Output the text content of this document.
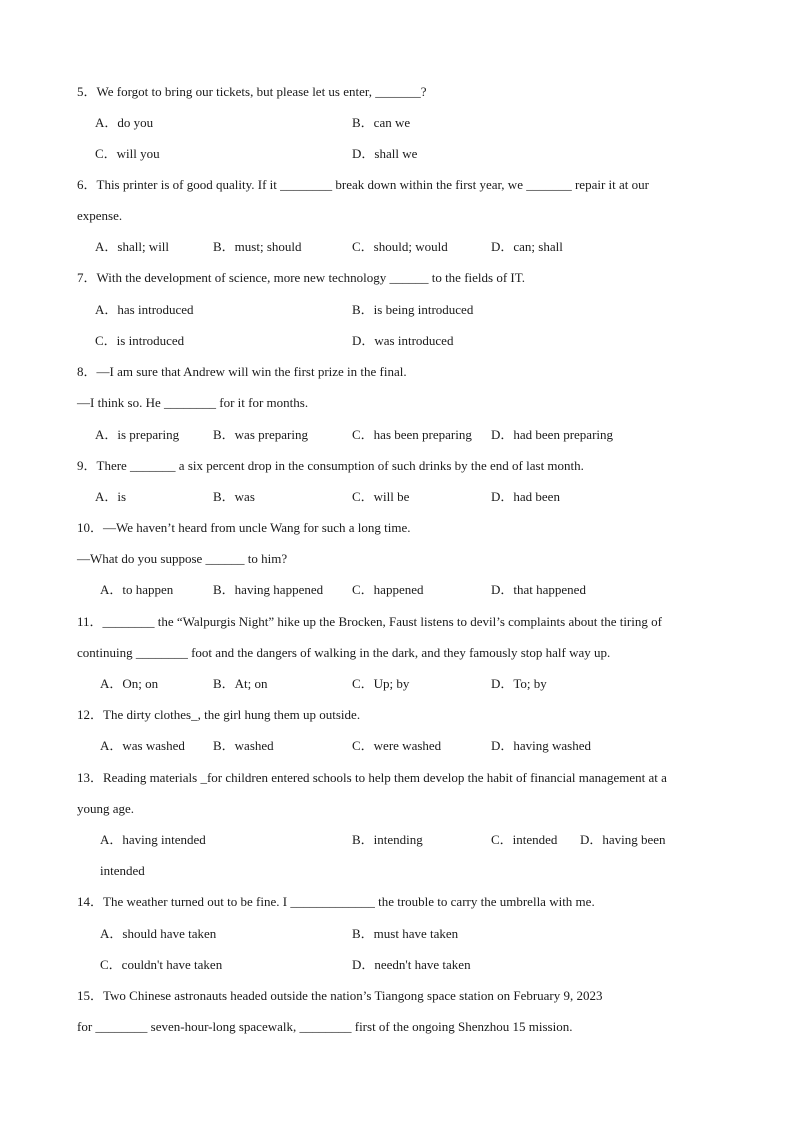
5．We forgot to bring our tickets, but please let us enter, _______?
A．do you	B．can we
C．will you	D．shall we
6．This printer is of good quality. If it ________ break down within the first year, we _______ repair it at our
expense.
A．shall; will	B．must; should	C．should; would	D．can; shall
7．With the development of science, more new technology ______ to the fields of IT.
A．has introduced	B．is being introduced
C．is introduced	D．was introduced
8．—I am sure that Andrew will win the first prize in the final.
—I think so. He ________ for it for months.
A．is preparing	B．was preparing	C．has been preparing D．had been preparing
9．There _______ a six percent drop in the consumption of such drinks by the end of last month.
A．is	B．was	C．will be	D．had been
10．—We haven’t heard from uncle Wang for such a long time.
—What do you suppose ______ to him?
A．to happen	B．having happened C．happened	D．that happened
11．________ the “Walpurgis Night” hike up the Brocken, Faust listens to devil’s complaints about the tiring of
continuing ________ foot and the dangers of walking in the dark, and they famously stop half way up.
A．On; on	B．At; on	C．Up; by	D．To; by
12．The dirty clothes_, the girl hung them up outside.
A．was washed B．washed	C．were washed	D．having washed
13．Reading materials _for children entered schools to help them develop the habit of financial management at a
young age.
A．having intended	B．intending	C．intended D．having been
intended
14．The weather turned out to be fine. I _____________ the trouble to carry the umbrella with me.
A．should have taken	B．must have taken
C．couldn't have taken	D．needn't have taken
15．Two Chinese astronauts headed outside the nation’s Tiangong space station on February 9, 2023
for ________ seven-hour-long spacewalk, ________ first of the ongoing Shenzhou 15 mission.
